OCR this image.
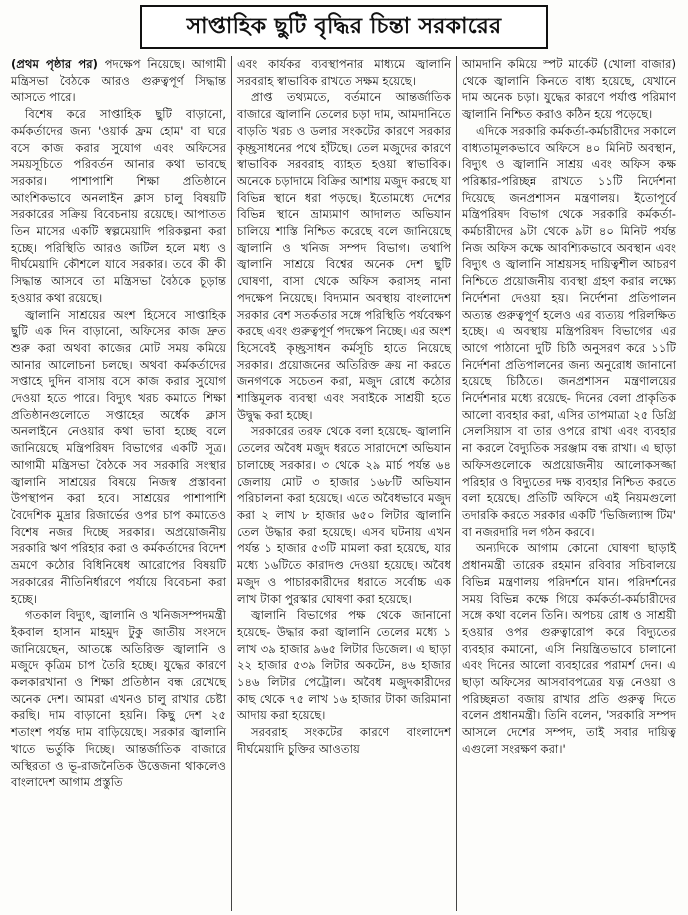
সাপ্তাহিক ছুটি বৃদ্ধির চিন্তা সরকারের

(প্রথম পৃষ্ঠার পর) পদক্ষেপ নিয়েছে। আগামী মন্ত্রিসভা বৈঠকে আরও গুরুত্বপূর্ণ সিদ্ধান্ত আসতে পারে।

বিশেষ করে সাপ্তাহিক ছুটি বাড়ানো, কর্মকর্তাদের জন্য 'ওয়ার্ক ফ্রম হোম' বা ঘরে বসে কাজ করার সুযোগ এবং অফিসের সময়সূচিতে পরিবর্তন আনার কথা ভাবছে সরকার। পাশাপাশি শিক্ষা প্রতিষ্ঠানে আংশিকভাবে অনলাইন ক্লাস চালু বিষয়টি সরকারের সক্রিয় বিবেচনায় রয়েছে। আপাতত তিন মাসের একটি স্বল্পমেয়াদি পরিকল্পনা করা হচ্ছে। পরিস্থিতি আরও জটিল হলে মধ্য ও দীর্ঘমেয়াদি কৌশলে যাবে সরকার। তবে কী কী সিদ্ধান্ত আসবে তা মন্ত্রিসভা বৈঠকে চূড়ান্ত হওয়ার কথা রয়েছে।

জ্বালানি সাশ্রয়ের অংশ হিসেবে সাপ্তাহিক ছুটি এক দিন বাড়ানো, অফিসের কাজ দ্রুত শুরু করা অথবা কাজের মোট সময় কমিয়ে আনার আলোচনা চলছে। অথবা কর্মকর্তাদের সপ্তাহে দুদিন বাসায় বসে কাজ করার সুযোগ দেওয়া হতে পারে। বিদ্যুৎ খরচ কমাতে শিক্ষা প্রতিষ্ঠানগুলোতে সপ্তাহের অর্ধেক ক্লাস অনলাইনে নেওয়ার কথা ভাবা হচ্ছে বলে জানিয়েছে মন্ত্রিপরিষদ বিভাগের একটি সূত্র। আগামী মন্ত্রিসভা বৈঠকে সব সরকারি সংস্থার জ্বালানি সাশ্রয়ের বিষয়ে নিজস্ব প্রস্তাবনা উপস্থাপন করা হবে। সাশ্রয়ের পাশাপাশি বৈদেশিক মুদ্রার রিজার্ভের ওপর চাপ কমাতেও বিশেষ নজর দিচ্ছে সরকার। অপ্রয়োজনীয় সরকারি ঋণ পরিহার করা ও কর্মকর্তাদের বিদেশ ভ্রমণে কঠোর বিধিনিষেধ আরোপের বিষয়টি সরকারের নীতিনির্ধারণে পর্যায়ে বিবেচনা করা হচ্ছে।

গতকাল বিদ্যুৎ, জ্বালানি ও খনিজসম্পদমন্ত্রী ইকবাল হাসান মাহমুদ টুকু জাতীয় সংসদে জানিয়েছেন, আতঙ্কে অতিরিক্ত জ্বালানি ও মজুদে কৃত্রিম চাপ তৈরি হচ্ছে। যুদ্ধের কারণে কলকারখানা ও শিক্ষা প্রতিষ্ঠান বন্ধ রেখেছে অনেক দেশ। আমরা এখনও চালু রাখার চেষ্টা করছি। দাম বাড়ানো হয়নি। কিছু দেশ ২৫ শতাংশ পর্যন্ত দাম বাড়িয়েছে। সরকার জ্বালানি খাতে ভর্তুকি দিচ্ছে। আন্তর্জাতিক বাজারে অস্থিরতা ও ভূ-রাজনৈতিক উত্তেজনা থাকলেও বাংলাদেশ আগাম প্রস্তুতি

এবং কার্যকর ব্যবস্থাপনার মাধ্যমে জ্বালানি সরবরাহ স্বাভাবিক রাখতে সক্ষম হয়েছে।

প্রাপ্ত তথ্যমতে, বর্তমানে আন্তর্জাতিক বাজারে জ্বালানি তেলের চড়া দাম, আমদানিতে বাড়তি খরচ ও ডলার সংকটের কারণে সরকার কৃচ্ছ্রসাধনের পথে হাঁটছে। তেল মজুদের কারণে স্বাভাবিক সরবরাহ ব্যাহত হওয়া স্বাভাবিক। অনেকে চড়াদামে বিক্রির আশায় মজুদ করছে যা বিভিন্ন স্থানে ধরা পড়ছে। ইতোমধ্যে দেশের বিভিন্ন স্থানে ভ্রাম্যমাণ আদালত অভিযান চালিয়ে শাস্তি নিশ্চিত করেছে বলে জানিয়েছে জ্বালানি ও খনিজ সম্পদ বিভাগ। তথাপি জ্বালানি সাশ্রয়ে বিশ্বের অনেক দেশ ছুটি ঘোষণা, বাসা থেকে অফিস করাসহ নানা পদক্ষেপ নিয়েছে। বিদ্যমান অবস্থায় বাংলাদেশ সরকার বেশ সতর্কতার সঙ্গে পরিস্থিতি পর্যবেক্ষণ করছে এবং গুরুত্বপূর্ণ পদক্ষেপ নিচ্ছে। এর অংশ হিসেবেই কৃচ্ছ্রসাধন কর্মসূচি হাতে নিয়েছে সরকার। প্রয়োজনের অতিরিক্ত ক্রয় না করতে জনগণকে সচেতন করা, মজুদ রোধে কঠোর শাস্তিমূলক ব্যবস্থা এবং সবাইকে সাশ্রয়ী হতে উদ্বুদ্ধ করা হচ্ছে।

সরকারের তরফ থেকে বলা হয়েছে- জ্বালানি তেলের অবৈধ মজুদ ধরতে সারাদেশে অভিযান চালাচ্ছে সরকার। ৩ থেকে ২৯ মার্চ পর্যন্ত ৬৪ জেলায় মোট ৩ হাজার ১৬৮টি অভিযান পরিচালনা করা হয়েছে। এতে অবৈধভাবে মজুদ করা ২ লাখ ৮ হাজার ৬৫০ লিটার জ্বালানি তেল উদ্ধার করা হয়েছে। এসব ঘটনায় এখন পর্যন্ত ১ হাজার ৫৩টি মামলা করা হয়েছে, যার মধ্যে ১৬টিতে কারাদণ্ড দেওয়া হয়েছে। অবৈধ মজুদ ও পাচারকারীদের ধরাতে সর্বোচ্চ এক লাখ টাকা পুরস্কার ঘোষণা করা হয়েছে।

জ্বালানি বিভাগের পক্ষ থেকে জানানো হয়েছে- উদ্ধার করা জ্বালানি তেলের মধ্যে ১ লাখ ৩৯ হাজার ৯৬৫ লিটার ডিজেল। এ ছাড়া ২২ হাজার ৫৩৯ লিটার অকটেন, ৪৬ হাজার ১৪৬ লিটার পেট্রোল। অবৈধ মজুদকারীদের কাছ থেকে ৭৫ লাখ ১৬ হাজার টাকা জরিমানা আদায় করা হয়েছে।

সরবরাহ সংকটের কারণে বাংলাদেশ দীর্ঘমেয়াদি চুক্তির আওতায়

আমদানি কমিয়ে স্পট মার্কেট (খোলা বাজার) থেকে জ্বালানি কিনতে বাধ্য হয়েছে, যেখানে দাম অনেক চড়া। যুদ্ধের কারণে পর্যাপ্ত পরিমাণ জ্বালানি নিশ্চিত করাও কঠিন হয়ে পড়েছে।

এদিকে সরকারি কর্মকর্তা-কর্মচারীদের সকালে বাধ্যতামূলকভাবে অফিসে ৪০ মিনিট অবস্থান, বিদ্যুৎ ও জ্বালানি সাশ্রয় এবং অফিস কক্ষ পরিষ্কার-পরিচ্ছন্ন রাখতে ১১টি নির্দেশনা দিয়েছে জনপ্রশাসন মন্ত্রণালয়। ইতোপূর্বে মন্ত্রিপরিষদ বিভাগ থেকে সরকারি কর্মকর্তা-কর্মচারীদের ৯টা থেকে ৯টা ৪০ মিনিট পর্যন্ত নিজ অফিস কক্ষে আবশ্যিকভাবে অবস্থান এবং বিদ্যুৎ ও জ্বালানি সাশ্রয়সহ দায়িত্বশীল আচরণ নিশ্চিতে প্রয়োজনীয় ব্যবস্থা গ্রহণ করার লক্ষ্যে নির্দেশনা দেওয়া হয়। নির্দেশনা প্রতিপালন অত্যন্ত গুরুত্বপূর্ণ হলেও এর ব্যত্যয় পরিলক্ষিত হচ্ছে। এ অবস্থায় মন্ত্রিপরিষদ বিভাগের এর আগে পাঠানো দুটি চিঠি অনুসরণ করে ১১টি নির্দেশনা প্রতিপালনের জন্য অনুরোধ জানানো হয়েছে চিঠিতে। জনপ্রশাসন মন্ত্রণালয়ের নির্দেশনার মধ্যে রয়েছে- দিনের বেলা প্রাকৃতিক আলো ব্যবহার করা, এসির তাপমাত্রা ২৫ ডিগ্রি সেলসিয়াস বা তার ওপরে রাখা এবং ব্যবহার না করলে বৈদ্যুতিক সরঞ্জাম বন্ধ রাখা। এ ছাড়া অফিসগুলোকে অপ্রয়োজনীয় আলোকসজ্জা পরিহার ও বিদ্যুতের দক্ষ ব্যবহার নিশ্চিত করতে বলা হয়েছে। প্রতিটি অফিসে এই নিয়মগুলো তদারকি করতে সরকার একটি 'ভিজিল্যান্স টিম' বা নজরদারি দল গঠন করবে।

অন্যদিকে আগাম কোনো ঘোষণা ছাড়াই প্রধানমন্ত্রী তারেক রহমান রবিবার সচিবালয়ে বিভিন্ন মন্ত্রণালয় পরিদর্শনে যান। পরিদর্শনের সময় বিভিন্ন কক্ষে গিয়ে কর্মকর্তা-কর্মচারীদের সঙ্গে কথা বলেন তিনি। অপচয় রোধ ও সাশ্রয়ী হওয়ার ওপর গুরুত্বারোপ করে বিদ্যুতের ব্যবহার কমানো, এসি নিয়ন্ত্রিতভাবে চালানো এবং দিনের আলো ব্যবহারের পরামর্শ দেন। এ ছাড়া অফিসের আসবাবপত্রের যত্ন নেওয়া ও পরিচ্ছন্নতা বজায় রাখার প্রতি গুরুত্ব দিতে বলেন প্রধানমন্ত্রী। তিনি বলেন, 'সরকারি সম্পদ আসলে দেশের সম্পদ, তাই সবার দায়িত্ব এগুলো সংরক্ষণ করা।'
